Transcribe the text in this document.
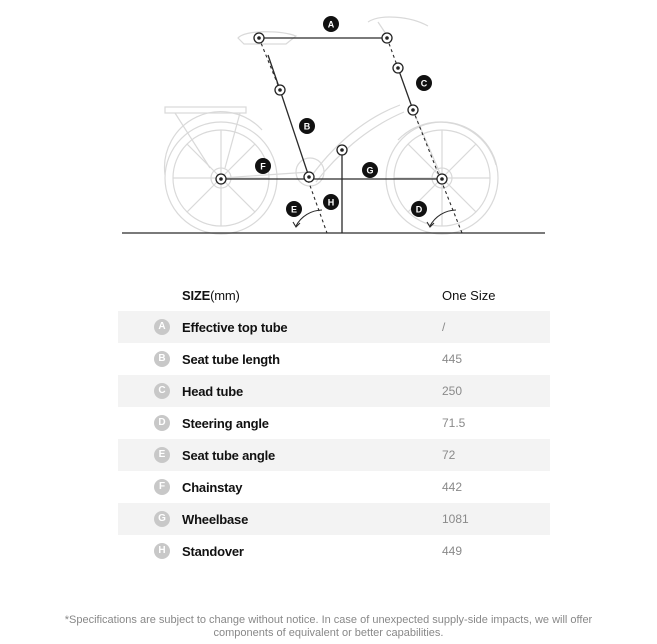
A
B
C
D
E
F	G
H
SIZE(mm)	One Size
A	Effective top tube	/
B	Seat tube length	445
C	Head tube	250
D	Steering angle	71.5
E	Seat tube angle	72
F	Chainstay	442
G	Wheelbase	1081
H	Standover	449
*Specifications are subject to change without notice. In case of unexpected supply-side impacts, we will offer
components of equivalent or better capabilities.
